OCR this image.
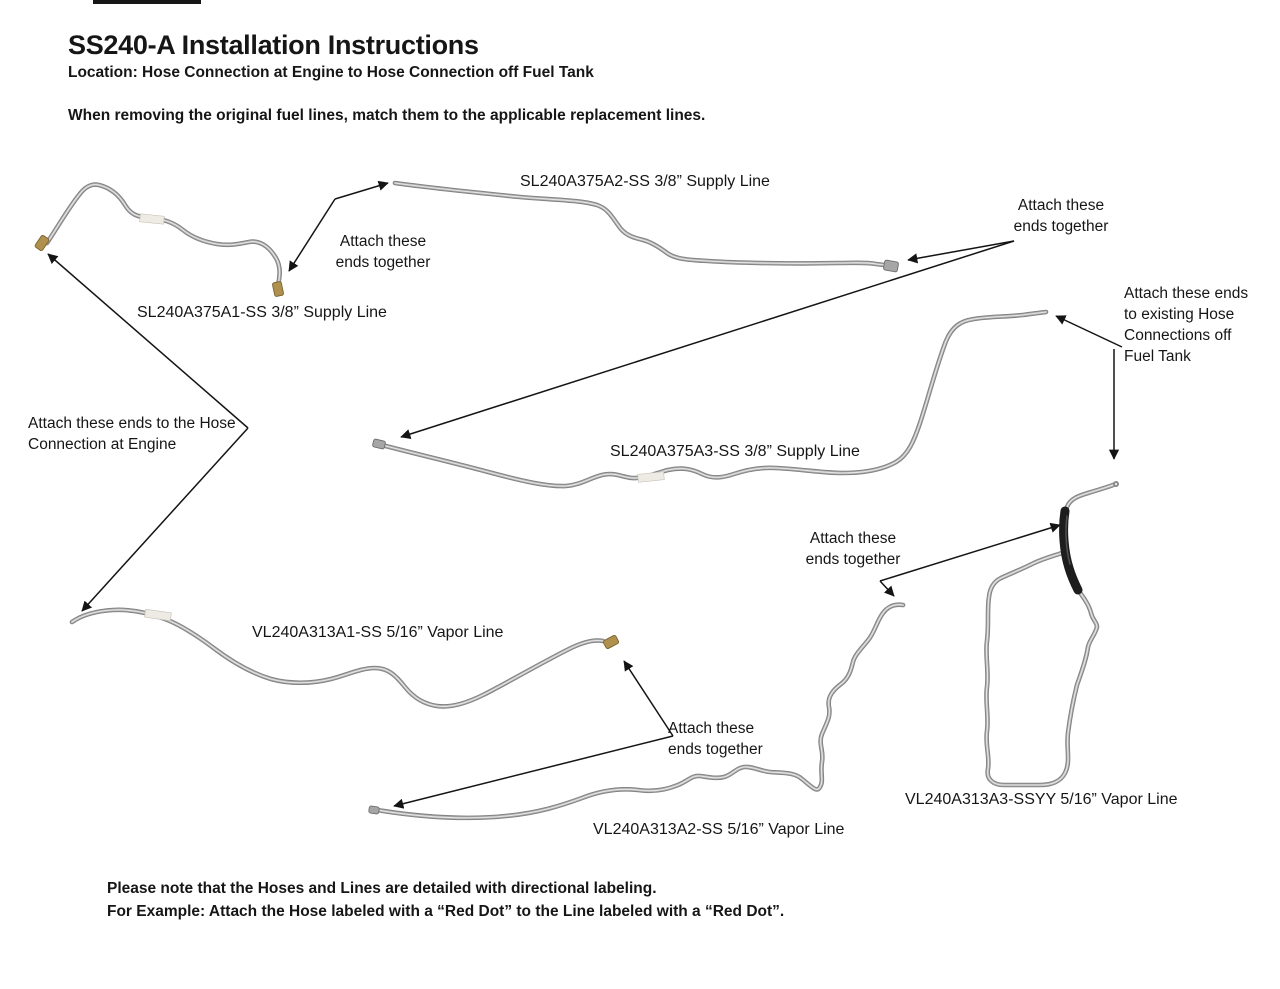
SS240-A Installation Instructions
Location: Hose Connection at Engine to Hose Connection off Fuel Tank
When removing the original fuel lines, match them to the applicable replacement lines.
SL240A375A2-SS 3/8” Supply Line
SL240A375A1-SS 3/8” Supply Line
SL240A375A3-SS 3/8” Supply Line
VL240A313A1-SS 5/16” Vapor Line
VL240A313A3-SSYY 5/16” Vapor Line
VL240A313A2-SS 5/16” Vapor Line
Attach these ends together
Attach these ends together
Attach these ends together
Attach these ends together
Attach these ends to the Hose Connection at Engine
Attach these ends to existing Hose Connections off Fuel Tank
Please note that the Hoses and Lines are detailed with directional labeling.
For Example: Attach the Hose labeled with a “Red Dot” to the Line labeled with a “Red Dot”.
